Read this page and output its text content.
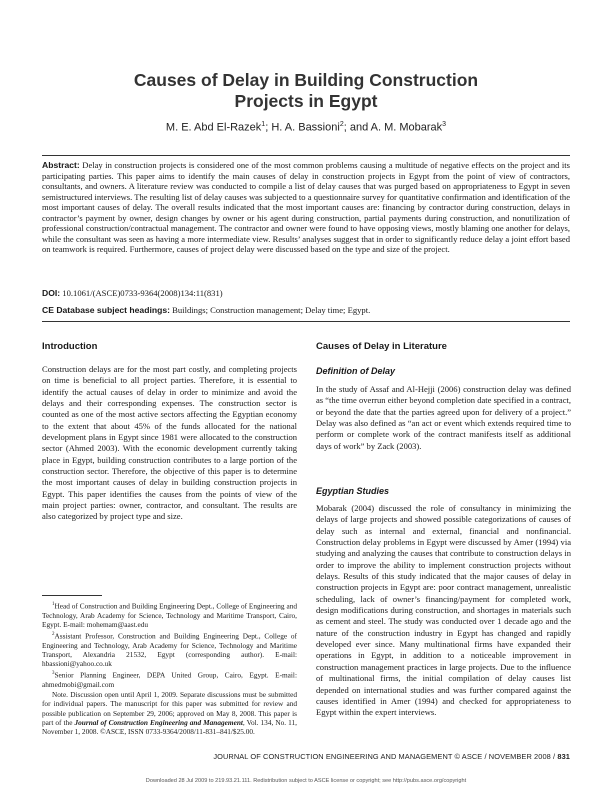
Causes of Delay in Building Construction
Projects in Egypt
M. E. Abd El-Razek$^1$; H. A. Bassioni$^2$; and A. M. Mobarak$^3$
Abstract: Delay in construction projects is considered one of the most common problems causing a multitude of negative effects on the project and its participating parties. This paper aims to identify the main causes of delay in construction projects in Egypt from the point of view of contractors, consultants, and owners. A literature review was conducted to compile a list of delay causes that was purged based on appropriateness to Egypt in seven semistructured interviews. The resulting list of delay causes was subjected to a questionnaire survey for quantitative confirmation and identification of the most important causes of delay. The overall results indicated that the most important causes are: financing by contractor during construction, delays in contractor’s payment by owner, design changes by owner or his agent during construction, partial payments during construction, and nonutilization of professional construction/contractual management. The contractor and owner were found to have opposing views, mostly blaming one another for delays, while the consultant was seen as having a more intermediate view. Results’ analyses suggest that in order to significantly reduce delay a joint effort based on teamwork is required. Furthermore, causes of project delay were discussed based on the type and size of the project.
DOI: 10.1061/(ASCE)0733-9364(2008)134:11(831)
CE Database subject headings: Buildings; Construction management; Delay time; Egypt.
Introduction

Construction delays are for the most part costly, and completing projects on time is beneficial to all project parties. Therefore, it is essential to identify the actual causes of delay in order to minimize and avoid the delays and their corresponding expenses. The construction sector is counted as one of the most active sectors affecting the Egyptian economy to the extent that about 45% of the funds allocated for the national development plans in Egypt since 1981 were allocated to the construction sector (Ahmed 2003). With the economic development currently taking place in Egypt, building construction contributes to a large portion of the construction sector. Therefore, the objective of this paper is to determine the most important causes of delay in building construction projects in Egypt. This paper identifies the causes from the points of view of the main project parties: owner, contractor, and consultant. The results are also categorized by project type and size.

$^1$Head of Construction and Building Engineering Dept., College of Engineering and Technology, Arab Academy for Science, Technology and Maritime Transport, Cairo, Egypt. E-mail: mohemam@aast.edu

$^2$Assistant Professor, Construction and Building Engineering Dept., College of Engineering and Technology, Arab Academy for Science, Technology and Maritime Transport, Alexandria 21532, Egypt (corresponding author). E-mail: hbassioni@yahoo.co.uk

$^3$Senior Planning Engineer, DEPA United Group, Cairo, Egypt. E-mail: ahmedmobi@gmail.com

Note. Discussion open until April 1, 2009. Separate discussions must be submitted for individual papers. The manuscript for this paper was submitted for review and possible publication on September 29, 2006; approved on May 8, 2008. This paper is part of the Journal of Construction Engineering and Management, Vol. 134, No. 11, November 1, 2008. ©ASCE, ISSN 0733-9364/2008/11-831–841/$25.00.

Causes of Delay in Literature
Definition of Delay

In the study of Assaf and Al-Hejji (2006) construction delay was defined as “the time overrun either beyond completion date specified in a contract, or beyond the date that the parties agreed upon for delivery of a project.” Delay was also defined as “an act or event which extends required time to perform or complete work of the contract manifests itself as additional days of work” by Zack (2003).

Egyptian Studies

Mobarak (2004) discussed the role of consultancy in minimizing the delays of large projects and showed possible categorizations of causes of delay such as internal and external, financial and nonfinancial. Construction delay problems in Egypt were discussed by Amer (1994) via studying and analyzing the causes that contribute to construction delays in order to improve the ability to implement construction projects without delays. Results of this study indicated that the major causes of delay in construction projects in Egypt are: poor contract management, unrealistic scheduling, lack of owner’s financing/payment for completed work, design modifications during construction, and shortages in materials such as cement and steel. The study was conducted over 1 decade ago and the nature of the construction industry in Egypt has changed and rapidly developed ever since. Many multinational firms have expanded their operations in Egypt, in addition to a noticeable improvement in construction management practices in large projects. Due to the influence of multinational firms, the initial compilation of delay causes list depended on international studies and was further compared against the causes identified in Amer (1994) and checked for appropriateness to Egypt within the expert interviews.

JOURNAL OF CONSTRUCTION ENGINEERING AND MANAGEMENT © ASCE / NOVEMBER 2008 / 831
Downloaded 28 Jul 2009 to 219.93.21.111. Redistribution subject to ASCE license or copyright; see http://pubs.asce.org/copyright
